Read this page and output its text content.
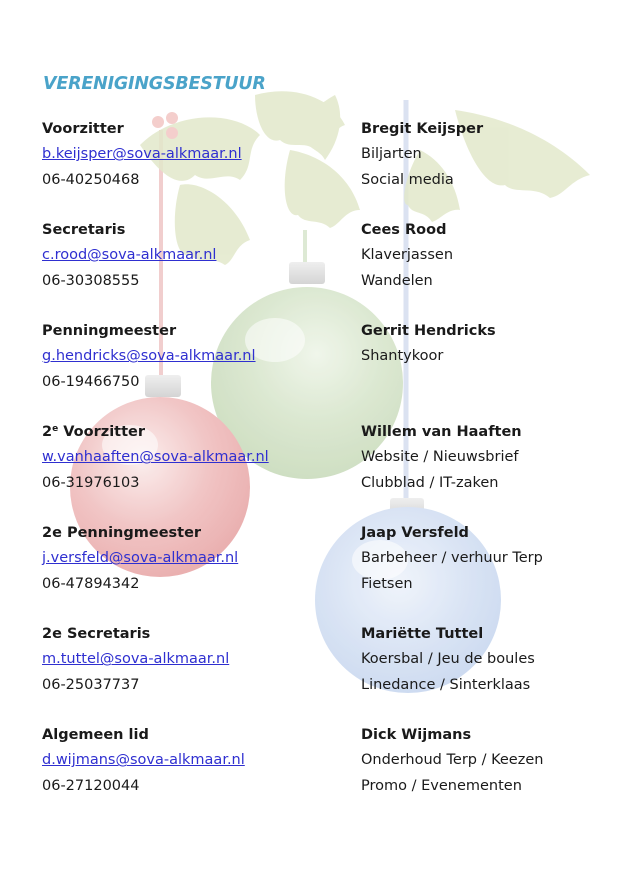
VERENIGINGSBESTUUR
Voorzitter
b.keijsper@sova-alkmaar.nl
06-40250468
Secretaris
c.rood@sova-alkmaar.nl
06-30308555
Penningmeester
g.hendricks@sova-alkmaar.nl
06-19466750
2e Voorzitter
w.vanhaaften@sova-alkmaar.nl
06-31976103
2e Penningmeester
j.versfeld@sova-alkmaar.nl
06-47894342
2e Secretaris
m.tuttel@sova-alkmaar.nl
06-25037737
Algemeen lid
d.wijmans@sova-alkmaar.nl
06-27120044
Bregit Keijsper
Biljarten
Social media
Cees Rood
Klaverjassen
Wandelen
Gerrit Hendricks
Shantykoor
Willem van Haaften
Website / Nieuwsbrief
Clubblad / IT-zaken
Jaap Versfeld
Barbeheer / verhuur Terp
Fietsen
Mariëtte Tuttel
Koersbal / Jeu de boules
Linedance / Sinterklaas
Dick Wijmans
Onderhoud Terp / Keezen
Promo / Evenementen
